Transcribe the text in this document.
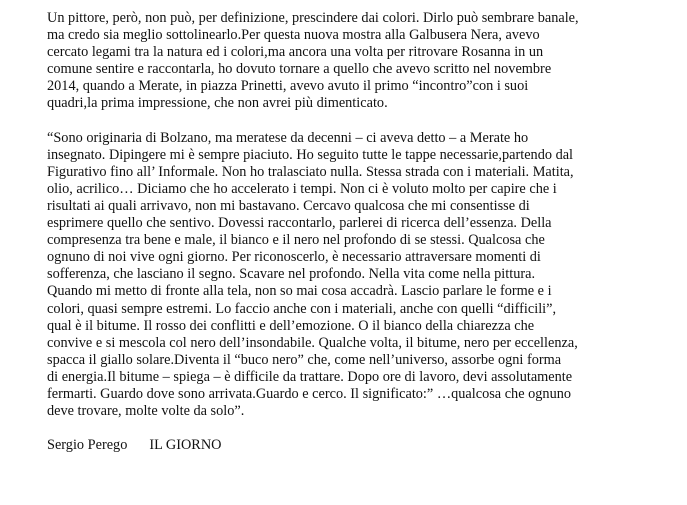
Un pittore, però, non può, per definizione, prescindere dai colori. Dirlo può sembrare banale,
ma credo sia meglio sottolinearlo.Per questa nuova mostra alla Galbusera Nera, avevo
cercato legami tra la natura ed i colori,ma ancora una volta per ritrovare Rosanna in un
comune sentire e raccontarla, ho dovuto tornare a quello che avevo scritto nel novembre
2014, quando a Merate, in piazza Prinetti, avevo avuto il primo “incontro”con i suoi
quadri,la prima impressione, che non avrei più dimenticato.

“Sono originaria di Bolzano, ma meratese da decenni – ci aveva detto – a Merate ho
insegnato. Dipingere mi è sempre piaciuto. Ho seguito tutte le tappe necessarie,partendo dal
Figurativo fino all’ Informale. Non ho tralasciato nulla. Stessa strada con i materiali. Matita,
olio, acrilico… Diciamo che ho accelerato i tempi. Non ci è voluto molto per capire che i
risultati ai quali arrivavo, non mi bastavano. Cercavo qualcosa che mi consentisse di
esprimere quello che sentivo. Dovessi raccontarlo, parlerei di ricerca dell’essenza. Della
compresenza tra bene e male, il bianco e il nero nel profondo di se stessi. Qualcosa che
ognuno di noi vive ogni giorno. Per riconoscerlo, è necessario attraversare momenti di
sofferenza, che lasciano il segno. Scavare nel profondo. Nella vita come nella pittura.
Quando mi metto di fronte alla tela, non so mai cosa accadrà. Lascio parlare le forme e i
colori, quasi sempre estremi. Lo faccio anche con i materiali, anche con quelli “difficili”,
qual è il bitume. Il rosso dei conflitti e dell’emozione. O il bianco della chiarezza che
convive e si mescola col nero dell’insondabile. Qualche volta, il bitume, nero per eccellenza,
spacca il giallo solare.Diventa il “buco nero” che, come nell’universo, assorbe ogni forma
di energia.Il bitume – spiega – è difficile da trattare. Dopo ore di lavoro, devi assolutamente
fermarti. Guardo dove sono arrivata.Guardo e cerco. Il significato:” …qualcosa che ognuno
deve trovare, molte volte da solo”.

Sergio Perego IL GIORNO
